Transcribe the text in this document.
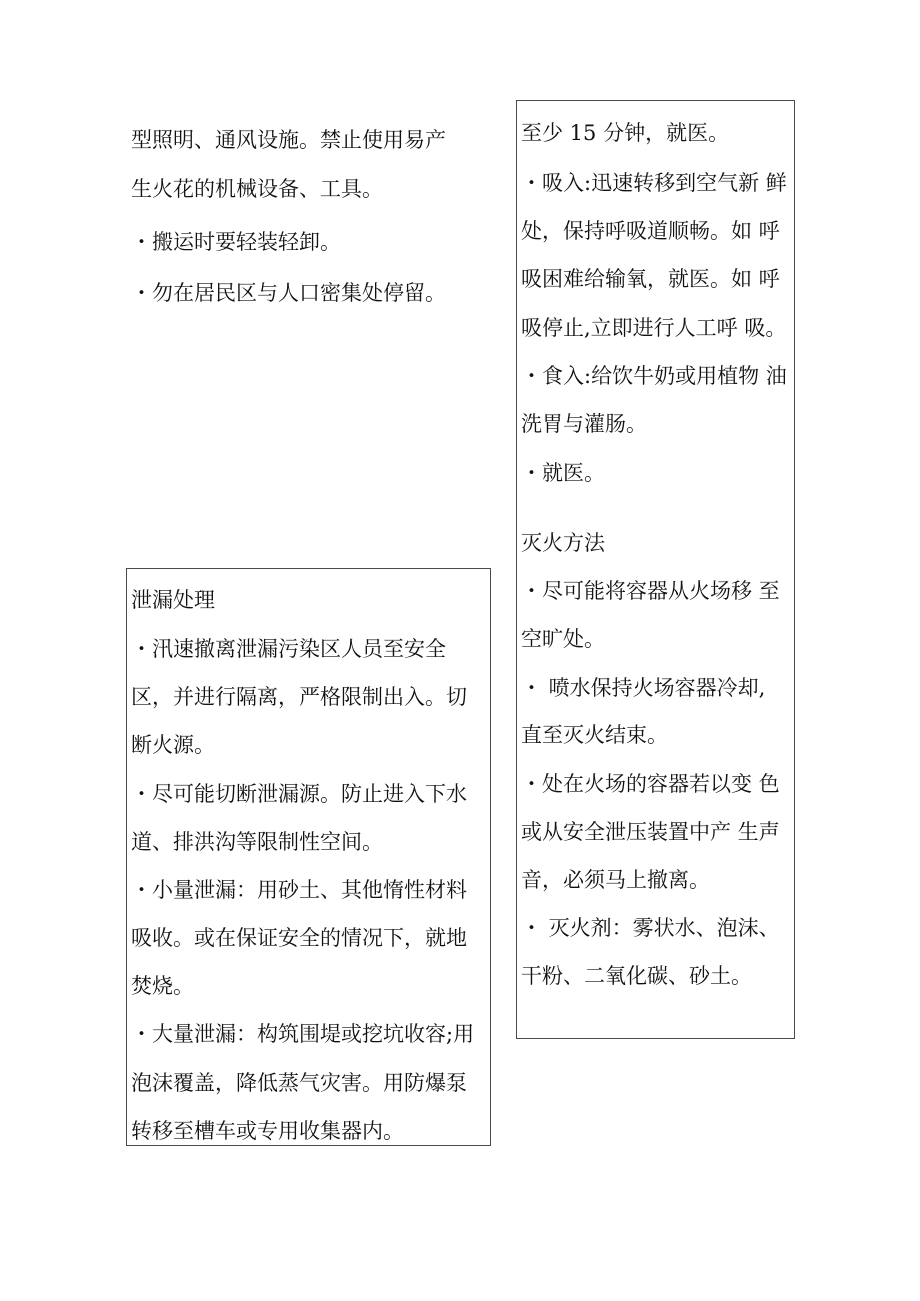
型照明、通风设施。禁止使用易产

生火花的机械设备、工具。

・搬运时要轻装轻卸。

・勿在居民区与人口密集处停留。

泄漏处理

・汛速撤离泄漏污染区人员至安全

区，并进行隔离，严格限制出入。切

断火源。

・尽可能切断泄漏源。防止进入下水

道、排洪沟等限制性空间。

・小量泄漏：用砂土、其他惰性材料

吸收。或在保证安全的情况下，就地

焚烧。

・大量泄漏：构筑围堤或挖坑收容;用

泡沫覆盖，降低蒸气灾害。用防爆泵

转移至槽车或专用收集器内。

至少 15 分钟，就医。

・吸入:迅速转移到空气新 鲜

处，保持呼吸道顺畅。如 呼

吸困难给输氧，就医。如 呼

吸停止,立即进行人工呼 吸。

・食入:给饮牛奶或用植物 油

洗胃与灌肠。

・就医。

灭火方法

・尽可能将容器从火场移 至

空旷处。

・ 喷水保持火场容器冷却,

直至灭火结束。

・处在火场的容器若以变 色

或从安全泄压装置中产 生声

音，必须马上撤离。

・ 灭火剂：雾状水、泡沫、

干粉、二氧化碳、砂土。
